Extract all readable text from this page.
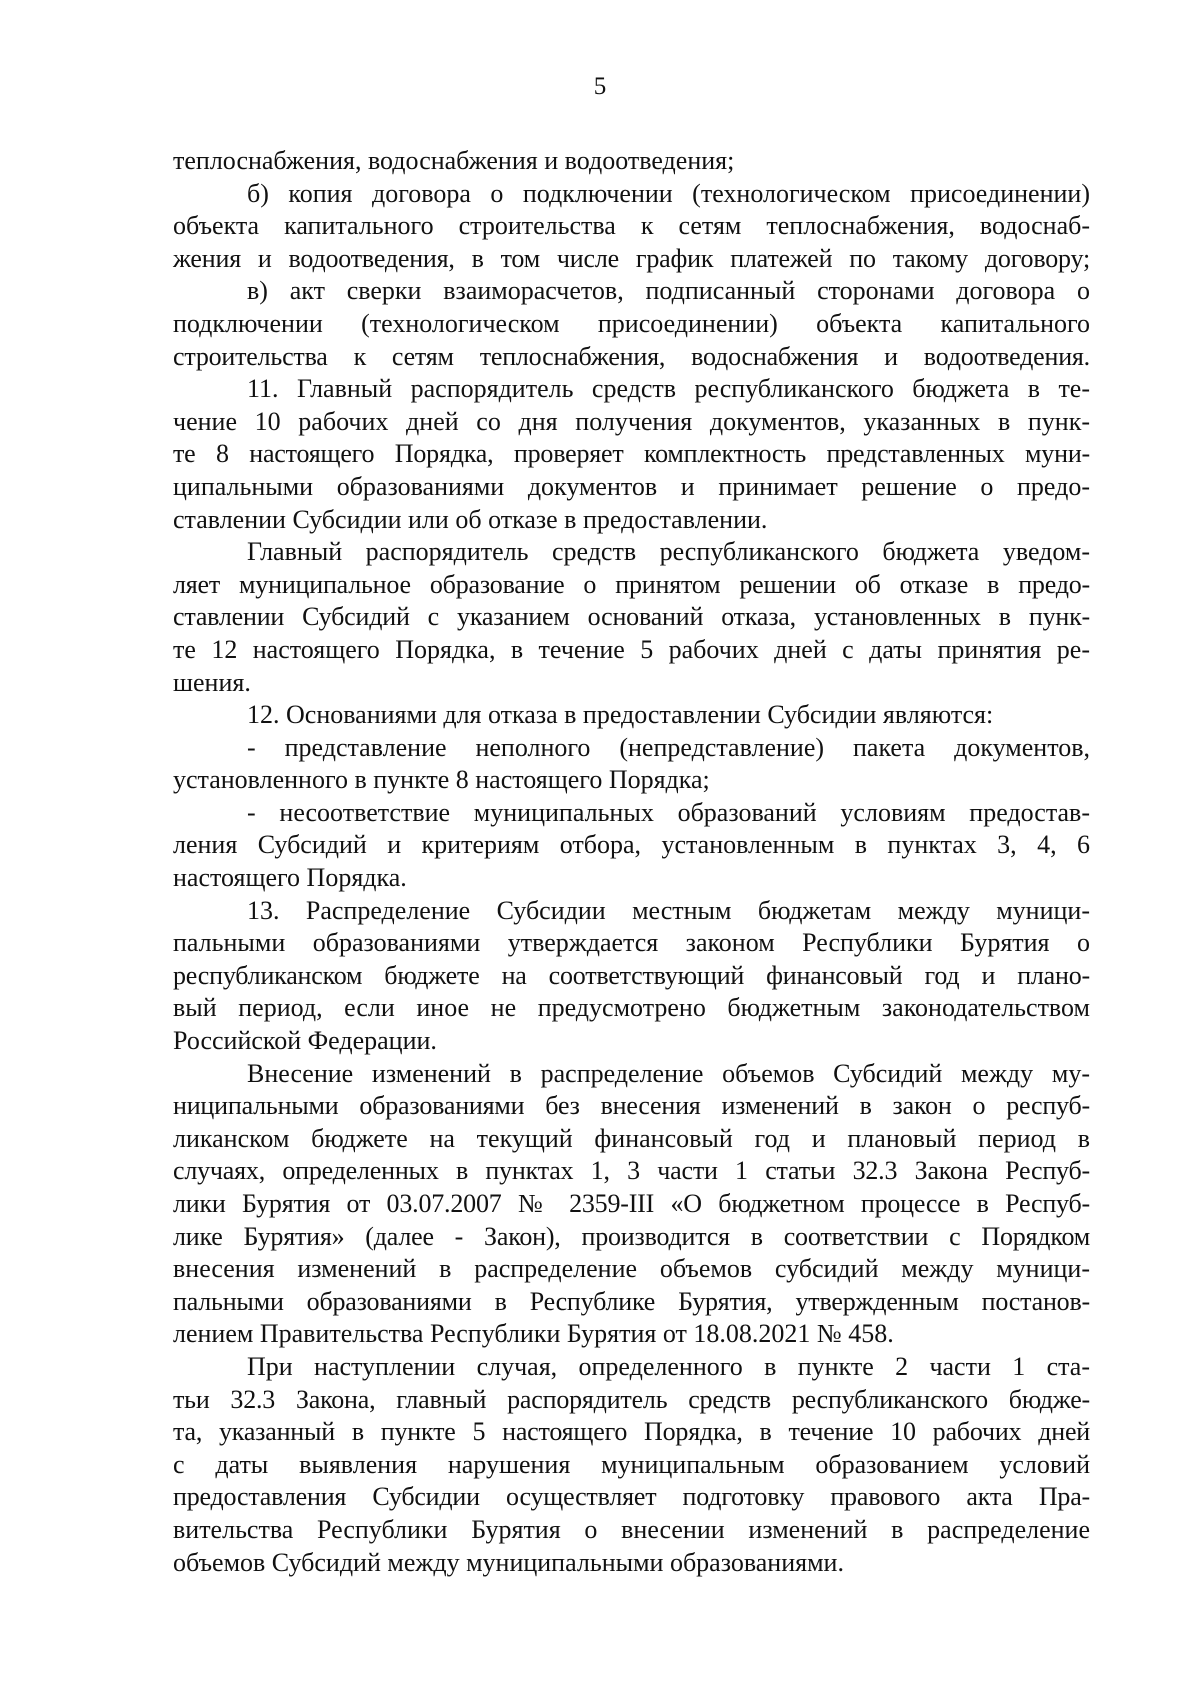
5
теплоснабжения, водоснабжения и водоотведения;
б) копия договора о подключении (технологическом присоединении)
объекта капитального строительства к сетям теплоснабжения, водоснаб-
жения и водоотведения, в том числе график платежей по такому договору;
в) акт сверки взаиморасчетов, подписанный сторонами договора о
подключении (технологическом присоединении) объекта капитального
строительства к сетям теплоснабжения, водоснабжения и водоотведения.
11. Главный распорядитель средств республиканского бюджета в те-
чение 10 рабочих дней со дня получения документов, указанных в пунк-
те 8 настоящего Порядка, проверяет комплектность представленных муни-
ципальными образованиями документов и принимает решение о предо-
ставлении Субсидии или об отказе в предоставлении.
Главный распорядитель средств республиканского бюджета уведом-
ляет муниципальное образование о принятом решении об отказе в предо-
ставлении Субсидий с указанием оснований отказа, установленных в пунк-
те 12 настоящего Порядка, в течение 5 рабочих дней с даты принятия ре-
шения.
12. Основаниями для отказа в предоставлении Субсидии являются:
- представление неполного (непредставление) пакета документов,
установленного в пункте 8 настоящего Порядка;
- несоответствие муниципальных образований условиям предостав-
ления Субсидий и критериям отбора, установленным в пунктах 3, 4, 6
настоящего Порядка.
13. Распределение Субсидии местным бюджетам между муници-
пальными образованиями утверждается законом Республики Бурятия о
республиканском бюджете на соответствующий финансовый год и плано-
вый период, если иное не предусмотрено бюджетным законодательством
Российской Федерации.
Внесение изменений в распределение объемов Субсидий между му-
ниципальными образованиями без внесения изменений в закон о респуб-
ликанском бюджете на текущий финансовый год и плановый период в
случаях, определенных в пунктах 1, 3 части 1 статьи 32.3 Закона Респуб-
лики Бурятия от 03.07.2007 № 2359-III «О бюджетном процессе в Респуб-
лике Бурятия» (далее - Закон), производится в соответствии с Порядком
внесения изменений в распределение объемов субсидий между муници-
пальными образованиями в Республике Бурятия, утвержденным постанов-
лением Правительства Республики Бурятия от 18.08.2021 № 458.
При наступлении случая, определенного в пункте 2 части 1 ста-
тьи 32.3 Закона, главный распорядитель средств республиканского бюдже-
та, указанный в пункте 5 настоящего Порядка, в течение 10 рабочих дней
с даты выявления нарушения муниципальным образованием условий
предоставления Субсидии осуществляет подготовку правового акта Пра-
вительства Республики Бурятия о внесении изменений в распределение
объемов Субсидий между муниципальными образованиями.
